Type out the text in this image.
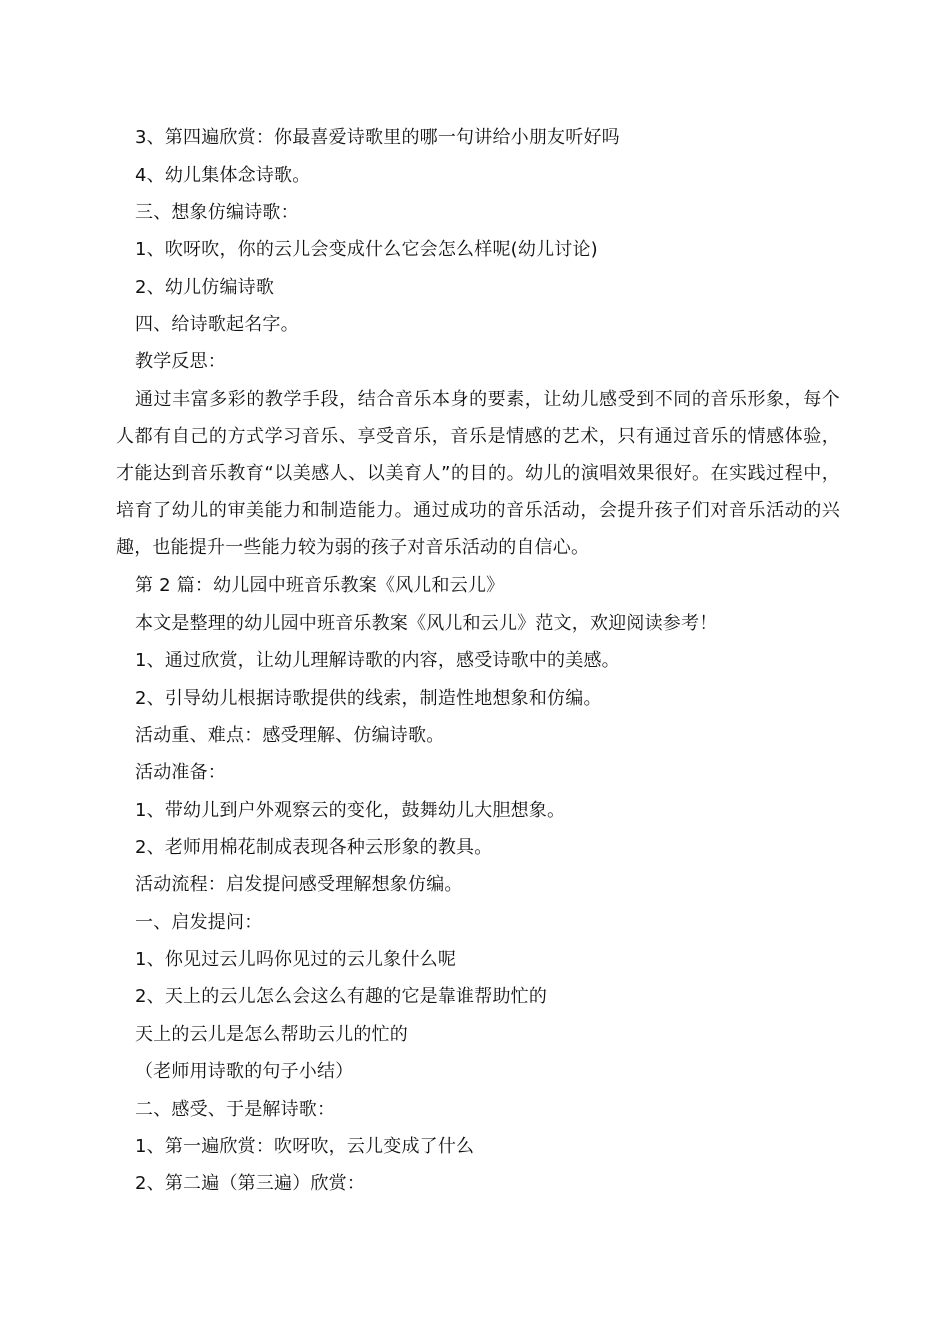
3、第四遍欣赏：你最喜爱诗歌里的哪一句讲给小朋友听好吗
4、幼儿集体念诗歌。
三、想象仿编诗歌：
1、吹呀吹，你的云儿会变成什么它会怎么样呢(幼儿讨论)
2、幼儿仿编诗歌
四、给诗歌起名字。
教学反思：
通过丰富多彩的教学手段，结合音乐本身的要素，让幼儿感受到不同的音乐形象，每个人都有自己的方式学习音乐、享受音乐，音乐是情感的艺术，只有通过音乐的情感体验，才能达到音乐教育“以美感人、以美育人”的目的。幼儿的演唱效果很好。在实践过程中，培育了幼儿的审美能力和制造能力。通过成功的音乐活动，会提升孩子们对音乐活动的兴趣，也能提升一些能力较为弱的孩子对音乐活动的自信心。
第 2 篇：幼儿园中班音乐教案《风儿和云儿》
本文是整理的幼儿园中班音乐教案《风儿和云儿》范文，欢迎阅读参考！
1、通过欣赏，让幼儿理解诗歌的内容，感受诗歌中的美感。
2、引导幼儿根据诗歌提供的线索，制造性地想象和仿编。
活动重、难点：感受理解、仿编诗歌。
活动准备：
1、带幼儿到户外观察云的变化，鼓舞幼儿大胆想象。
2、老师用棉花制成表现各种云形象的教具。
活动流程：启发提问感受理解想象仿编。
一、启发提问：
1、你见过云儿吗你见过的云儿象什么呢
2、天上的云儿怎么会这么有趣的它是靠谁帮助忙的
天上的云儿是怎么帮助云儿的忙的
（老师用诗歌的句子小结）
二、感受、于是解诗歌：
1、第一遍欣赏：吹呀吹，云儿变成了什么
2、第二遍（第三遍）欣赏：
